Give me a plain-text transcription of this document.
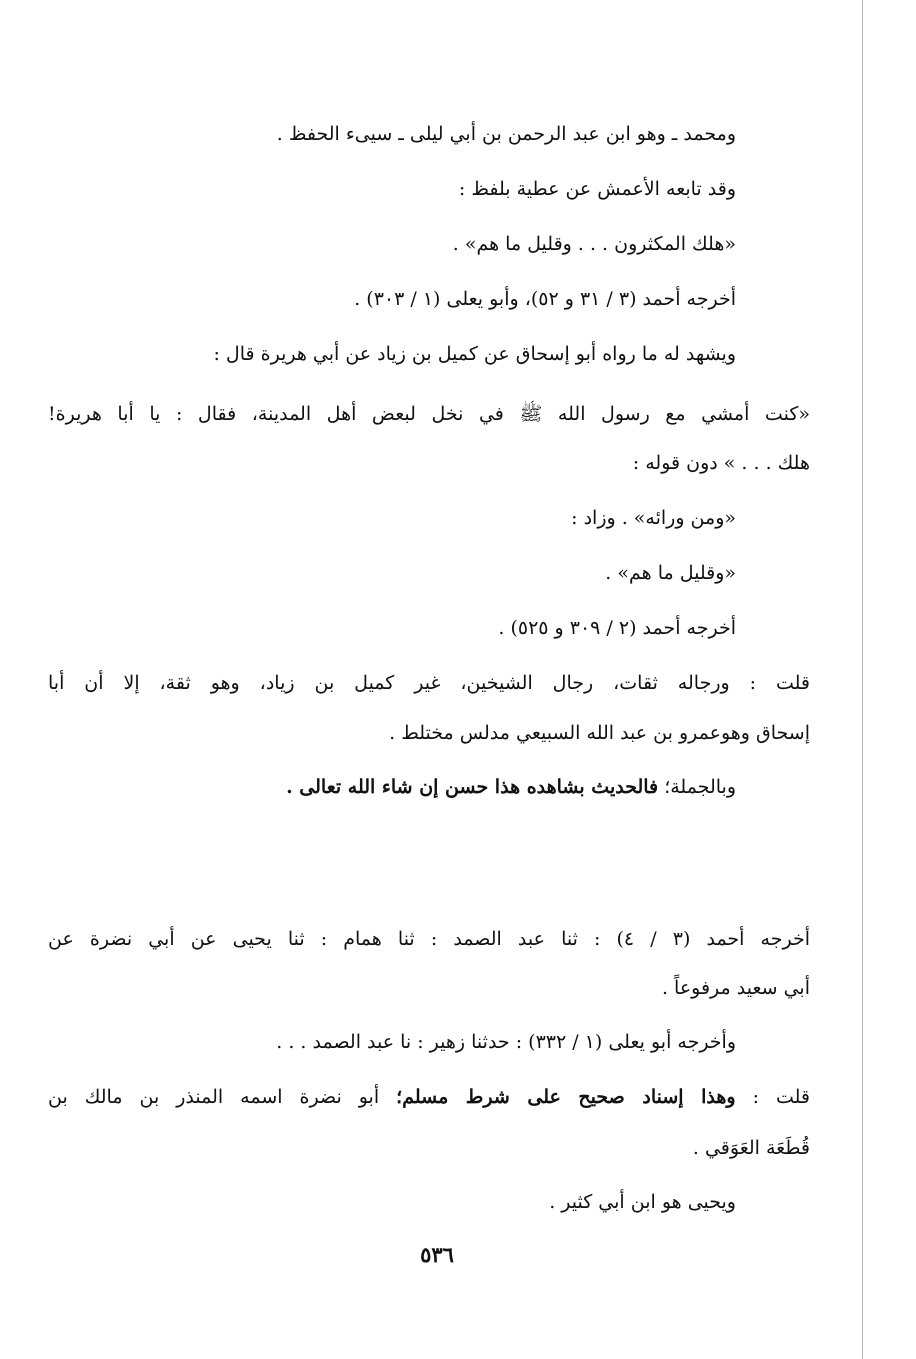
ومحمد ـ وهو ابن عبد الرحمن بن أبي ليلى ـ سيىء الحفظ .
وقد تابعه الأعمش عن عطية بلفظ :
«هلك المكثرون . . . وقليل ما هم» .
أخرجه أحمد (٣ / ٣١ و ٥٢)، وأبو يعلى (١ / ٣٠٣) .
ويشهد له ما رواه أبو إسحاق عن كميل بن زياد عن أبي هريرة قال :
«كنت أمشي مع رسول الله ﷺ في نخل لبعض أهل المدينة، فقال : يا أبا هريرة!
هلك . . . » دون قوله :
«ومن ورائه» . وزاد :
«وقليل ما هم» .
أخرجه أحمد (٢ / ٣٠٩ و ٥٢٥) .
قلت : ورجاله ثقات، رجال الشيخين، غير كميل بن زياد، وهو ثقة، إلا أن أبا
إسحاق وهوعمرو بن عبد الله السبيعي مدلس مختلط .
وبالجملة؛ فالحديث بشاهده هذا حسن إن شاء الله تعالى .
أخرجه أحمد (٣ / ٤) : ثنا عبد الصمد : ثنا همام : ثنا يحيى عن أبي نضرة عن
أبي سعيد مرفوعاً .
وأخرجه أبو يعلى (١ / ٣٣٢) : حدثنا زهير : نا عبد الصمد . . .
قلت : وهذا إسناد صحيح على شرط مسلم؛ أبو نضرة اسمه المنذر بن مالك بن
قُطَعَة العَوَقي .
ويحيى هو ابن أبي كثير .
٥٣٦
